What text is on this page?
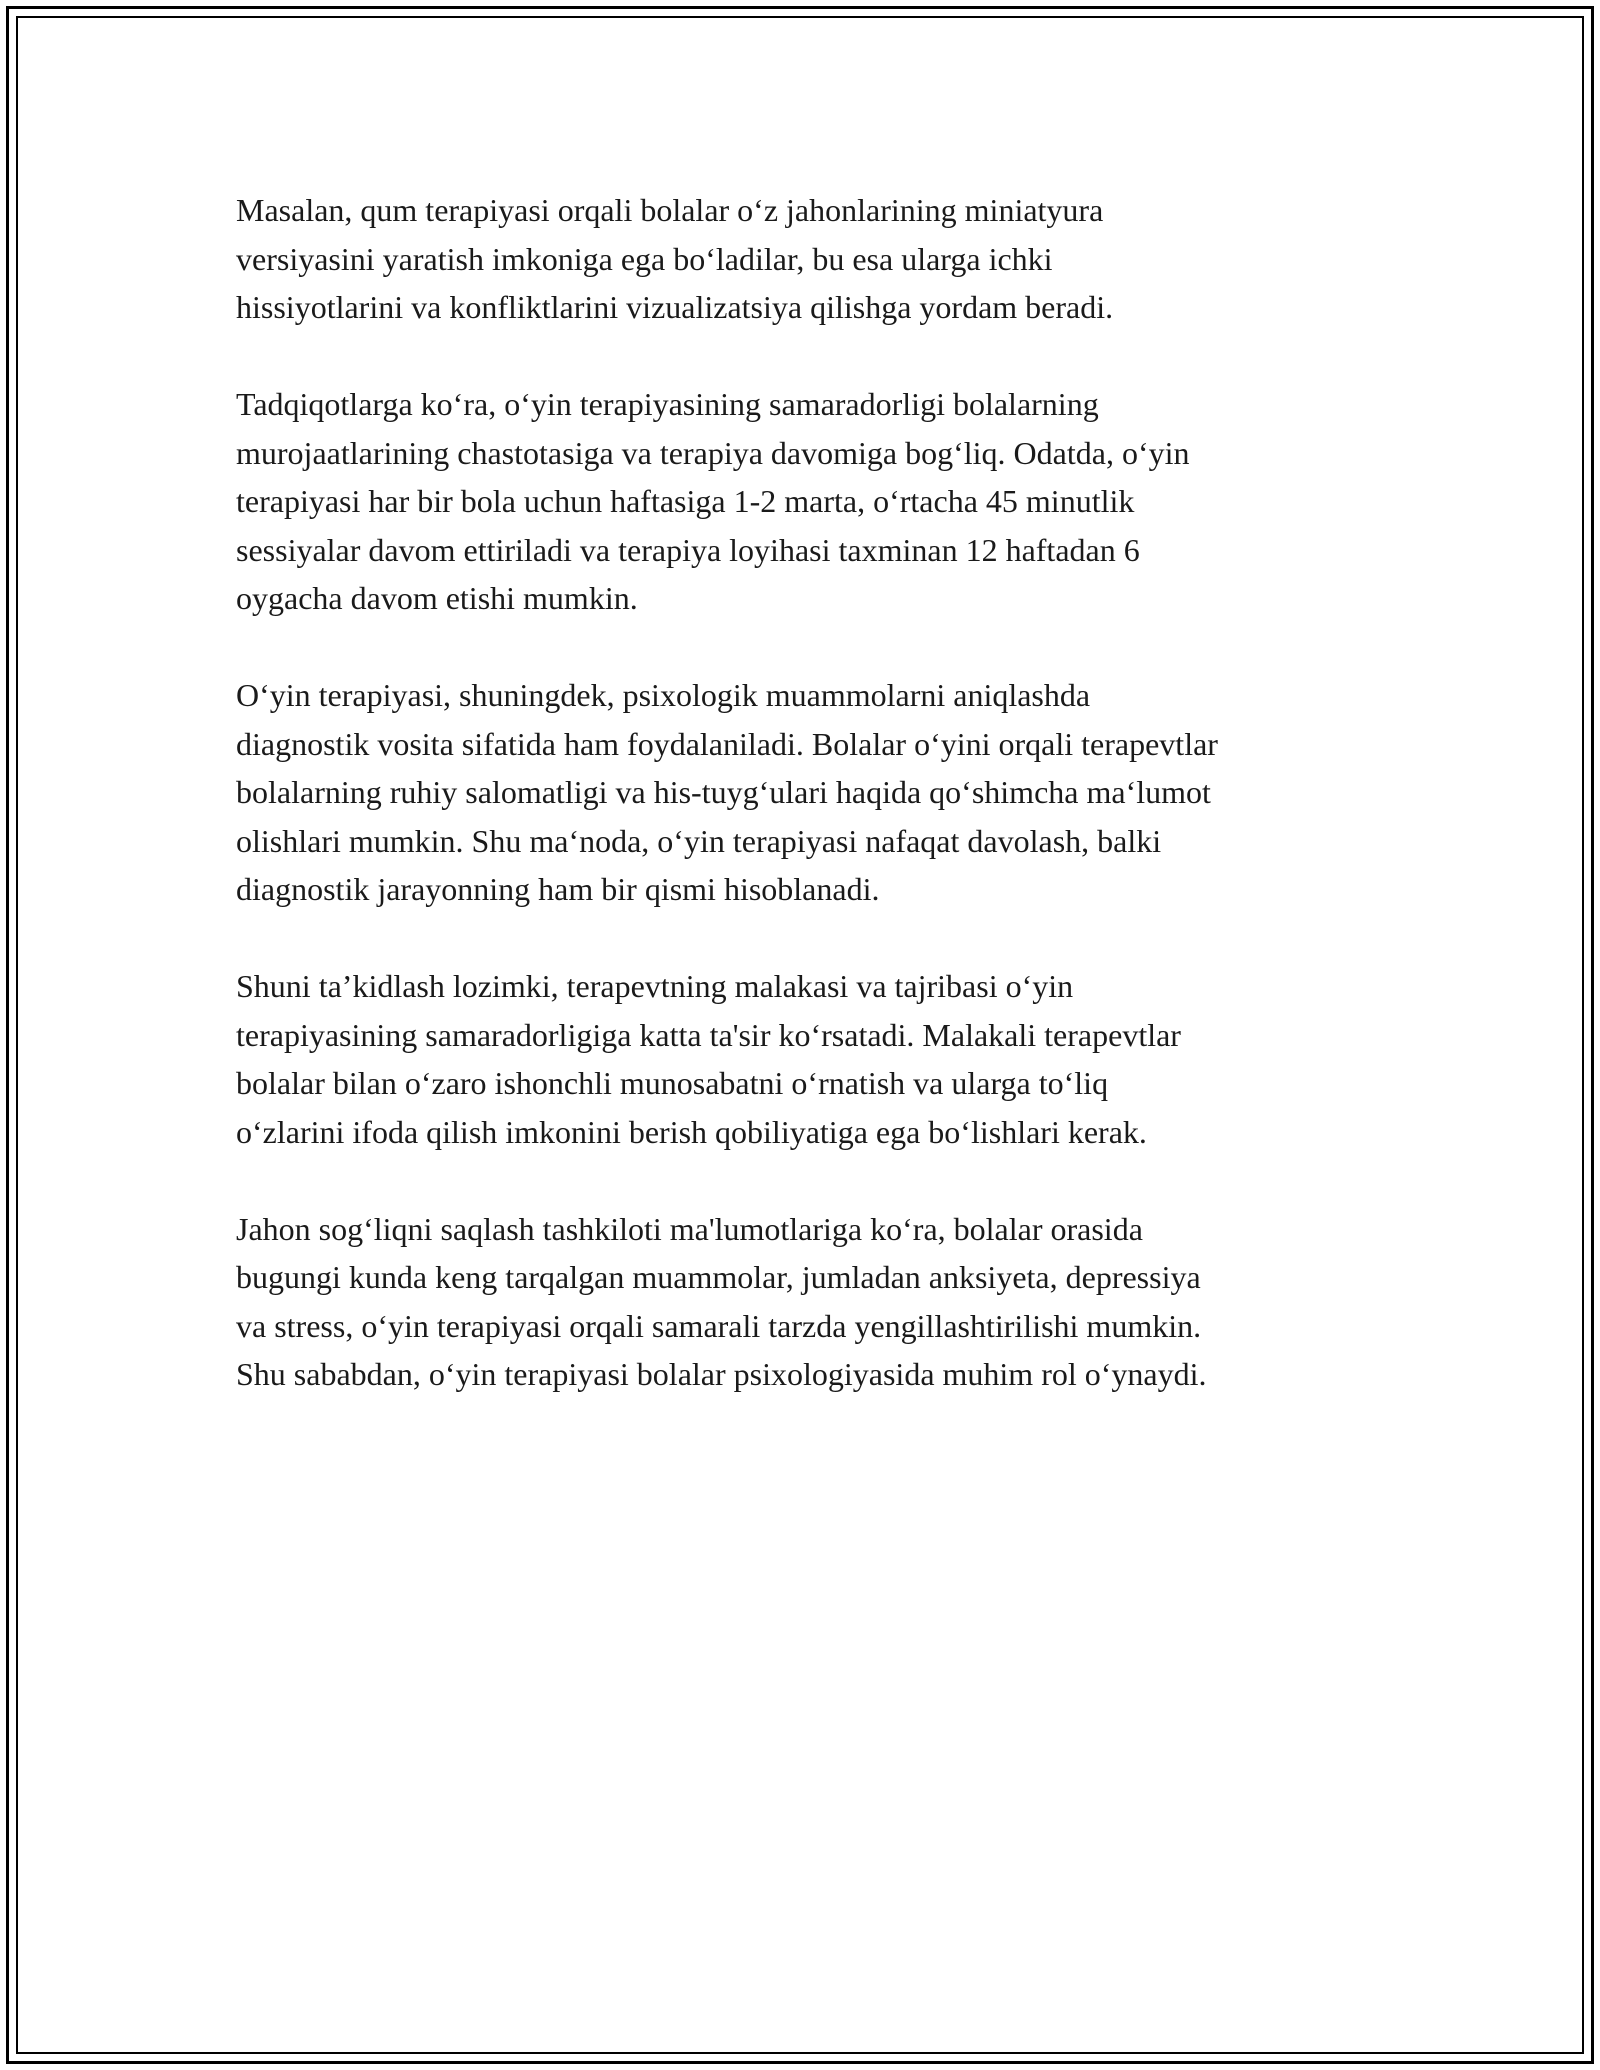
Masalan, qum terapiyasi orqali bolalar oʻz jahonlarining miniatyura
versiyasini yaratish imkoniga ega boʻladilar, bu esa ularga ichki
hissiyotlarini va konfliktlarini vizualizatsiya qilishga yordam beradi.

Tadqiqotlarga koʻra, oʻyin terapiyasining samaradorligi bolalarning
murojaatlarining chastotasiga va terapiya davomiga bogʻliq. Odatda, oʻyin
terapiyasi har bir bola uchun haftasiga 1-2 marta, oʻrtacha 45 minutlik
sessiyalar davom ettiriladi va terapiya loyihasi taxminan 12 haftadan 6
oygacha davom etishi mumkin.

Oʻyin terapiyasi, shuningdek, psixologik muammolarni aniqlashda
diagnostik vosita sifatida ham foydalaniladi. Bolalar oʻyini orqali terapevtlar
bolalarning ruhiy salomatligi va his-tuygʻulari haqida qoʻshimcha maʻlumot
olishlari mumkin. Shu maʻnoda, oʻyin terapiyasi nafaqat davolash, balki
diagnostik jarayonning ham bir qismi hisoblanadi.

Shuni ta’kidlash lozimki, terapevtning malakasi va tajribasi oʻyin
terapiyasining samaradorligiga katta ta'sir koʻrsatadi. Malakali terapevtlar
bolalar bilan oʻzaro ishonchli munosabatni oʻrnatish va ularga toʻliq
oʻzlarini ifoda qilish imkonini berish qobiliyatiga ega boʻlishlari kerak.

Jahon sogʻliqni saqlash tashkiloti ma'lumotlariga koʻra, bolalar orasida
bugungi kunda keng tarqalgan muammolar, jumladan anksiyeta, depressiya
va stress, oʻyin terapiyasi orqali samarali tarzda yengillashtirilishi mumkin.
Shu sababdan, oʻyin terapiyasi bolalar psixologiyasida muhim rol oʻynaydi.
